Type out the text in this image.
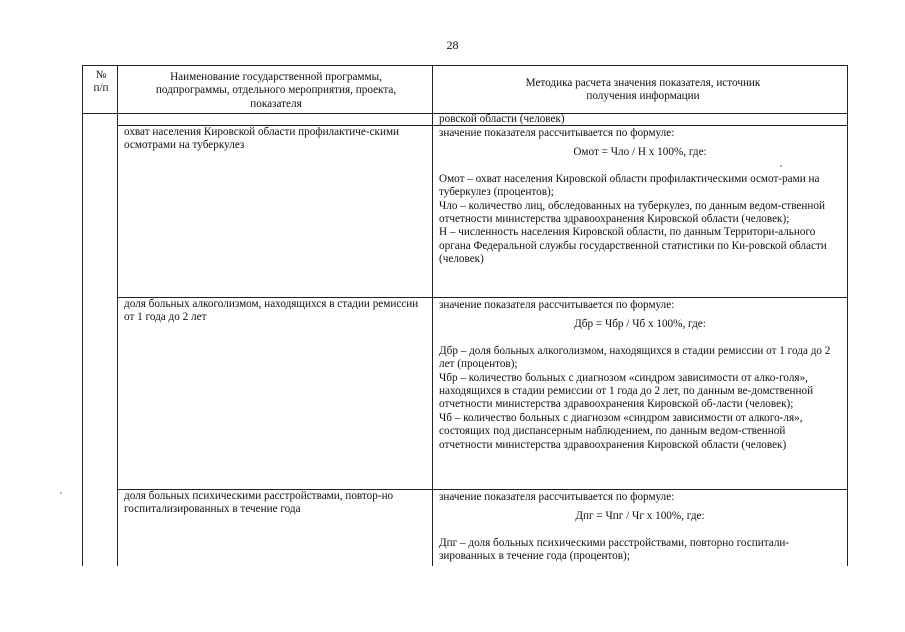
28
№
п/п
Наименование государственной программы, подпрограммы, отдельного мероприятия, проекта, показателя
Методика расчета значения показателя, источник получения информации
ровской области (человек)
охват населения Кировской области профилактиче-скими осмотрами на туберкулез
значение показателя рассчитывается по формуле:
Омот = Чло / Н х 100%, где:
Омот – охват населения Кировской области профилактическими осмот-рами на туберкулез (процентов);
Чло – количество лиц, обследованных на туберкулез, по данным ведом-ственной отчетности министерства здравоохранения Кировской области (человек);
Н – численность населения Кировской области, по данным Территори-ального органа Федеральной службы государственной статистики по Ки-ровской области (человек)
доля больных алкоголизмом, находящихся в стадии ремиссии от 1 года до 2 лет
значение показателя рассчитывается по формуле:
Дбр = Чбр / Чб х 100%, где:
Дбр – доля больных алкоголизмом, находящихся в стадии ремиссии от 1 года до 2 лет (процентов);
Чбр – количество больных с диагнозом «синдром зависимости от алко-голя», находящихся в стадии ремиссии от 1 года до 2 лет, по данным ве-домственной отчетности министерства здравоохранения Кировской об-ласти (человек);
Чб – количество больных с диагнозом «синдром зависимости от алкого-ля», состоящих под диспансерным наблюдением, по данным ведом-ственной отчетности министерства здравоохранения Кировской области (человек)
доля больных психическими расстройствами, повтор-но госпитализированных в течение года
значение показателя рассчитывается по формуле:
Дпг = Чпг / Чг х 100%, где:
Дпг – доля больных психическими расстройствами, повторно госпитали-зированных в течение года (процентов);
